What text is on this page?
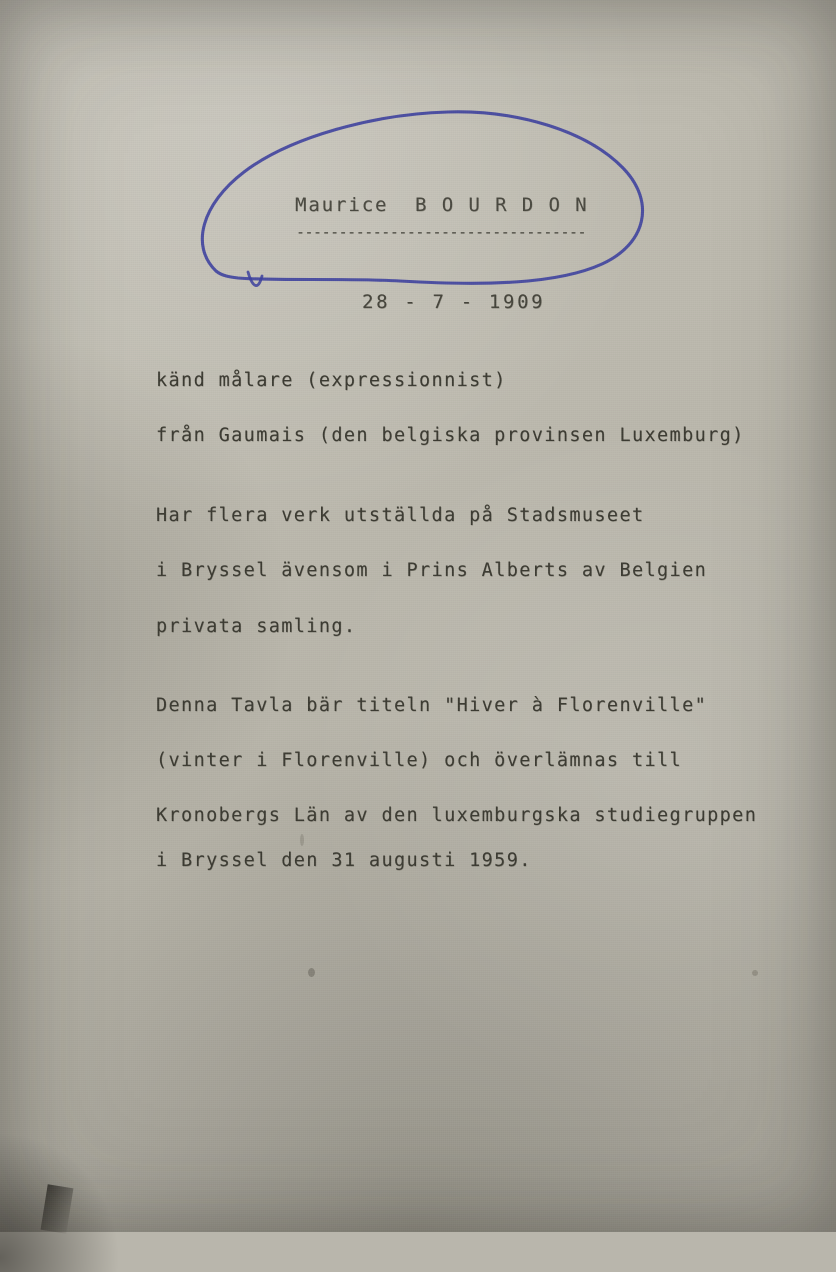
Maurice  B O U R D O N
----------------------------------
28 - 7 - 1909
känd målare (expressionnist)
från Gaumais (den belgiska provinsen Luxemburg)
Har flera verk utställda på Stadsmuseet
i Bryssel ävensom i Prins Alberts av Belgien
privata samling.
Denna Tavla bär titeln "Hiver à Florenville"
(vinter i Florenville) och överlämnas till
Kronobergs Län av den luxemburgska studiegruppen
i Bryssel den 31 augusti 1959.
